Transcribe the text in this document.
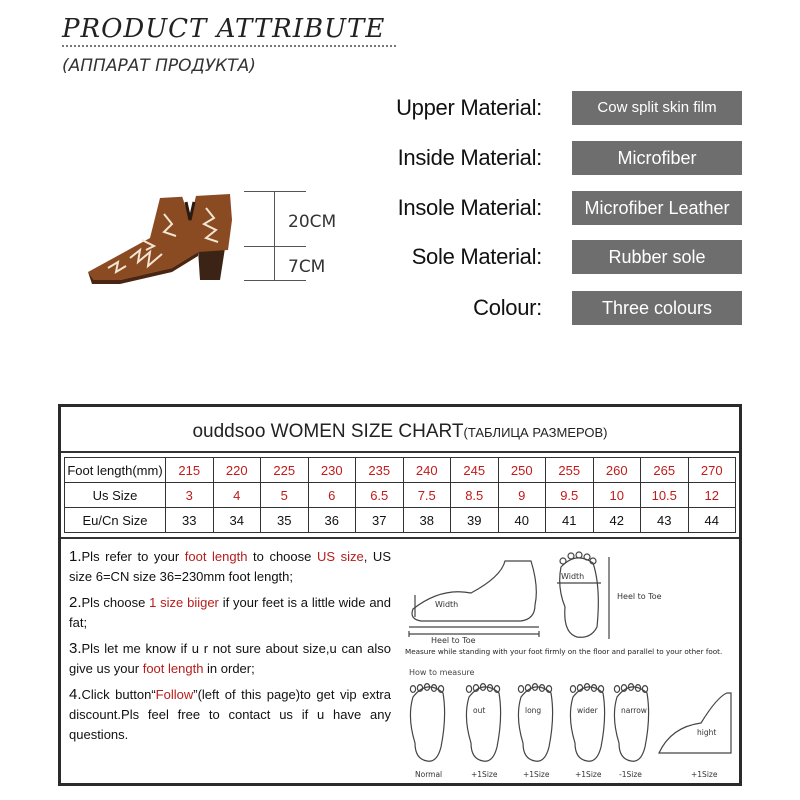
PRODUCT ATTRIBUTE
(АППАРАТ ПРОДУКТА)
20CM
7CM
Upper Material:	Cow split skin film
Inside Material:	Microfiber
Insole Material:	Microfiber Leather
Sole Material:	Rubber sole
Colour:	Three colours
ouddsoo WOMEN SIZE CHART(ТАБЛИЦА РАЗМЕРОВ)
Foot length(mm)	215	220	225	230	235	240	245	250	255	260	265	270
Us Size	3	4	5	6	6.5	7.5	8.5	9	9.5	10	10.5	12
Eu/Cn Size	33	34	35	36	37	38	39	40	41	42	43	44
1.Pls refer to your foot length to choose US size, US size 6=CN size 36=230mm foot length;
2.Pls choose 1 size biiger if your feet is a little wide and fat;
3.Pls let me know if u r not sure about size,u can also give us your foot length in order;
4.Click button“Follow”(left of this page)to get vip extra discount.Pls feel free to contact us if u have any questions.
Width
Heel to Toe
Width
Heel to Toe
Measure while standing with your foot firmly on the floor and parallel to your other foot.
How to measure
Normal
out
+1Size
long
+1Size
wider
+1Size
narrow
-1Size
hight
+1Size
